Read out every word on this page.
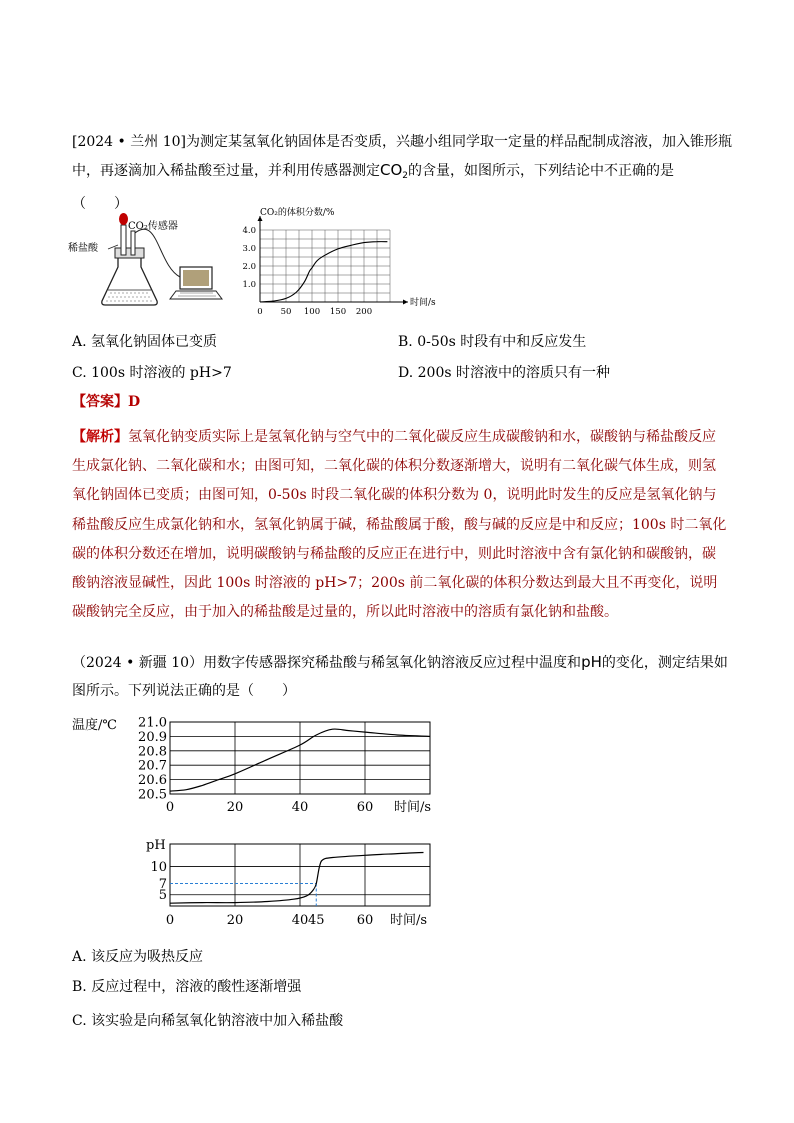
[2024 • 兰州 10]为测定某氢氧化钠固体是否变质，兴趣小组同学取一定量的样品配制成溶液，加入锥形瓶中，再逐滴加入稀盐酸至过量，并利用传感器测定$CO_2$的含量，如图所示，下列结论中不正确的是
（　　）

稀盐酸
CO₂传感器
0 50 100 150 200
1.0
2.0
3.0
4.0
CO₂的体积分数/%
时间/s
A. 氢氧化钠固体已变质	B. 0-50s 时段有中和反应发生
C. 100s 时溶液的 pH>7	D. 200s 时溶液中的溶质只有一种
【答案】D

【解析】氢氧化钠变质实际上是氢氧化钠与空气中的二氧化碳反应生成碳酸钠和水，碳酸钠与稀盐酸反应生成氯化钠、二氧化碳和水；由图可知，二氧化碳的体积分数逐渐增大，说明有二氧化碳气体生成，则氢氧化钠固体已变质；由图可知，0-50s 时段二氧化碳的体积分数为 0，说明此时发生的反应是氢氧化钠与稀盐酸反应生成氯化钠和水，氢氧化钠属于碱，稀盐酸属于酸，酸与碱的反应是中和反应；100s 时二氧化碳的体积分数还在增加，说明碳酸钠与稀盐酸的反应正在进行中，则此时溶液中含有氯化钠和碳酸钠，碳酸钠溶液显碱性，因此 100s 时溶液的 pH>7；200s 前二氧化碳的体积分数达到最大且不再变化，说明碳酸钠完全反应，由于加入的稀盐酸是过量的，所以此时溶液中的溶质有氯化钠和盐酸。

（2024 • 新疆 10）用数字传感器探究稀盐酸与稀氢氧化钠溶液反应过程中温度和pH的变化，测定结果如图所示。下列说法正确的是（　　）

20.5
20.6
20.7
20.8
20.9
21.0
0	20	40	60
温度/℃
时间/s
5
7
10
0	20	40 45 60
pH
时间/s
A. 该反应为吸热反应
B. 反应过程中，溶液的酸性逐渐增强
C. 该实验是向稀氢氧化钠溶液中加入稀盐酸
